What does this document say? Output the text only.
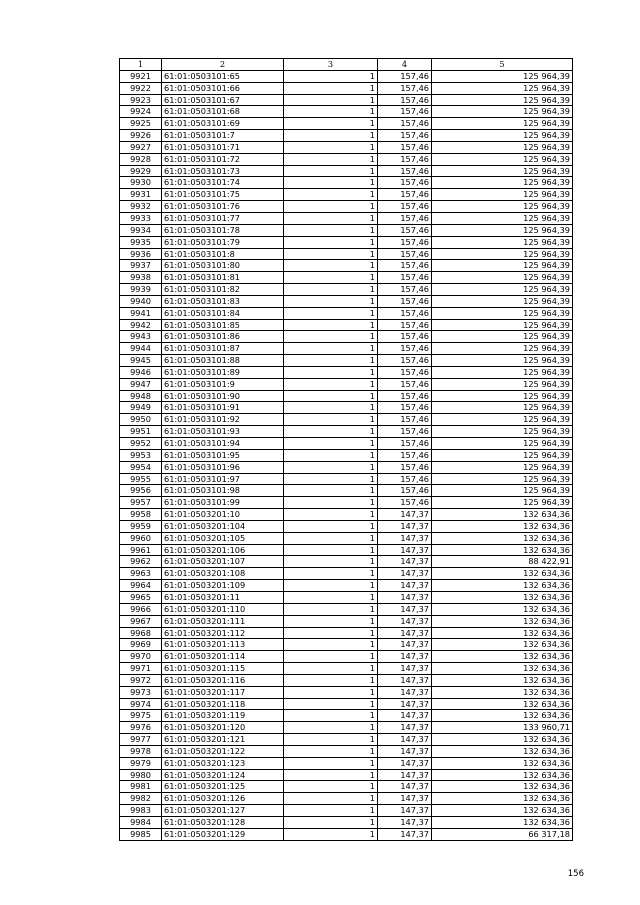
1	2	3	4	5
9921	61:01:0503101:65	1	157,46	125 964,39
9922	61:01:0503101:66	1	157,46	125 964,39
9923	61:01:0503101:67	1	157,46	125 964,39
9924	61:01:0503101:68	1	157,46	125 964,39
9925	61:01:0503101:69	1	157,46	125 964,39
9926	61:01:0503101:7	1	157,46	125 964,39
9927	61:01:0503101:71	1	157,46	125 964,39
9928	61:01:0503101:72	1	157,46	125 964,39
9929	61:01:0503101:73	1	157,46	125 964,39
9930	61:01:0503101:74	1	157,46	125 964,39
9931	61:01:0503101:75	1	157,46	125 964,39
9932	61:01:0503101:76	1	157,46	125 964,39
9933	61:01:0503101:77	1	157,46	125 964,39
9934	61:01:0503101:78	1	157,46	125 964,39
9935	61:01:0503101:79	1	157,46	125 964,39
9936	61:01:0503101:8	1	157,46	125 964,39
9937	61:01:0503101:80	1	157,46	125 964,39
9938	61:01:0503101:81	1	157,46	125 964,39
9939	61:01:0503101:82	1	157,46	125 964,39
9940	61:01:0503101:83	1	157,46	125 964,39
9941	61:01:0503101:84	1	157,46	125 964,39
9942	61:01:0503101:85	1	157,46	125 964,39
9943	61:01:0503101:86	1	157,46	125 964,39
9944	61:01:0503101:87	1	157,46	125 964,39
9945	61:01:0503101:88	1	157,46	125 964,39
9946	61:01:0503101:89	1	157,46	125 964,39
9947	61:01:0503101:9	1	157,46	125 964,39
9948	61:01:0503101:90	1	157,46	125 964,39
9949	61:01:0503101:91	1	157,46	125 964,39
9950	61:01:0503101:92	1	157,46	125 964,39
9951	61:01:0503101:93	1	157,46	125 964,39
9952	61:01:0503101:94	1	157,46	125 964,39
9953	61:01:0503101:95	1	157,46	125 964,39
9954	61:01:0503101:96	1	157,46	125 964,39
9955	61:01:0503101:97	1	157,46	125 964,39
9956	61:01:0503101:98	1	157,46	125 964,39
9957	61:01:0503101:99	1	157,46	125 964,39
9958	61:01:0503201:10	1	147,37	132 634,36
9959	61:01:0503201:104	1	147,37	132 634,36
9960	61:01:0503201:105	1	147,37	132 634,36
9961	61:01:0503201:106	1	147,37	132 634,36
9962	61:01:0503201:107	1	147,37	88 422,91
9963	61:01:0503201:108	1	147,37	132 634,36
9964	61:01:0503201:109	1	147,37	132 634,36
9965	61:01:0503201:11	1	147,37	132 634,36
9966	61:01:0503201:110	1	147,37	132 634,36
9967	61:01:0503201:111	1	147,37	132 634,36
9968	61:01:0503201:112	1	147,37	132 634,36
9969	61:01:0503201:113	1	147,37	132 634,36
9970	61:01:0503201:114	1	147,37	132 634,36
9971	61:01:0503201:115	1	147,37	132 634,36
9972	61:01:0503201:116	1	147,37	132 634,36
9973	61:01:0503201:117	1	147,37	132 634,36
9974	61:01:0503201:118	1	147,37	132 634,36
9975	61:01:0503201:119	1	147,37	132 634,36
9976	61:01:0503201:120	1	147,37	133 960,71
9977	61:01:0503201:121	1	147,37	132 634,36
9978	61:01:0503201:122	1	147,37	132 634,36
9979	61:01:0503201:123	1	147,37	132 634,36
9980	61:01:0503201:124	1	147,37	132 634,36
9981	61:01:0503201:125	1	147,37	132 634,36
9982	61:01:0503201:126	1	147,37	132 634,36
9983	61:01:0503201:127	1	147,37	132 634,36
9984	61:01:0503201:128	1	147,37	132 634,36
9985	61:01:0503201:129	1	147,37	66 317,18
156
